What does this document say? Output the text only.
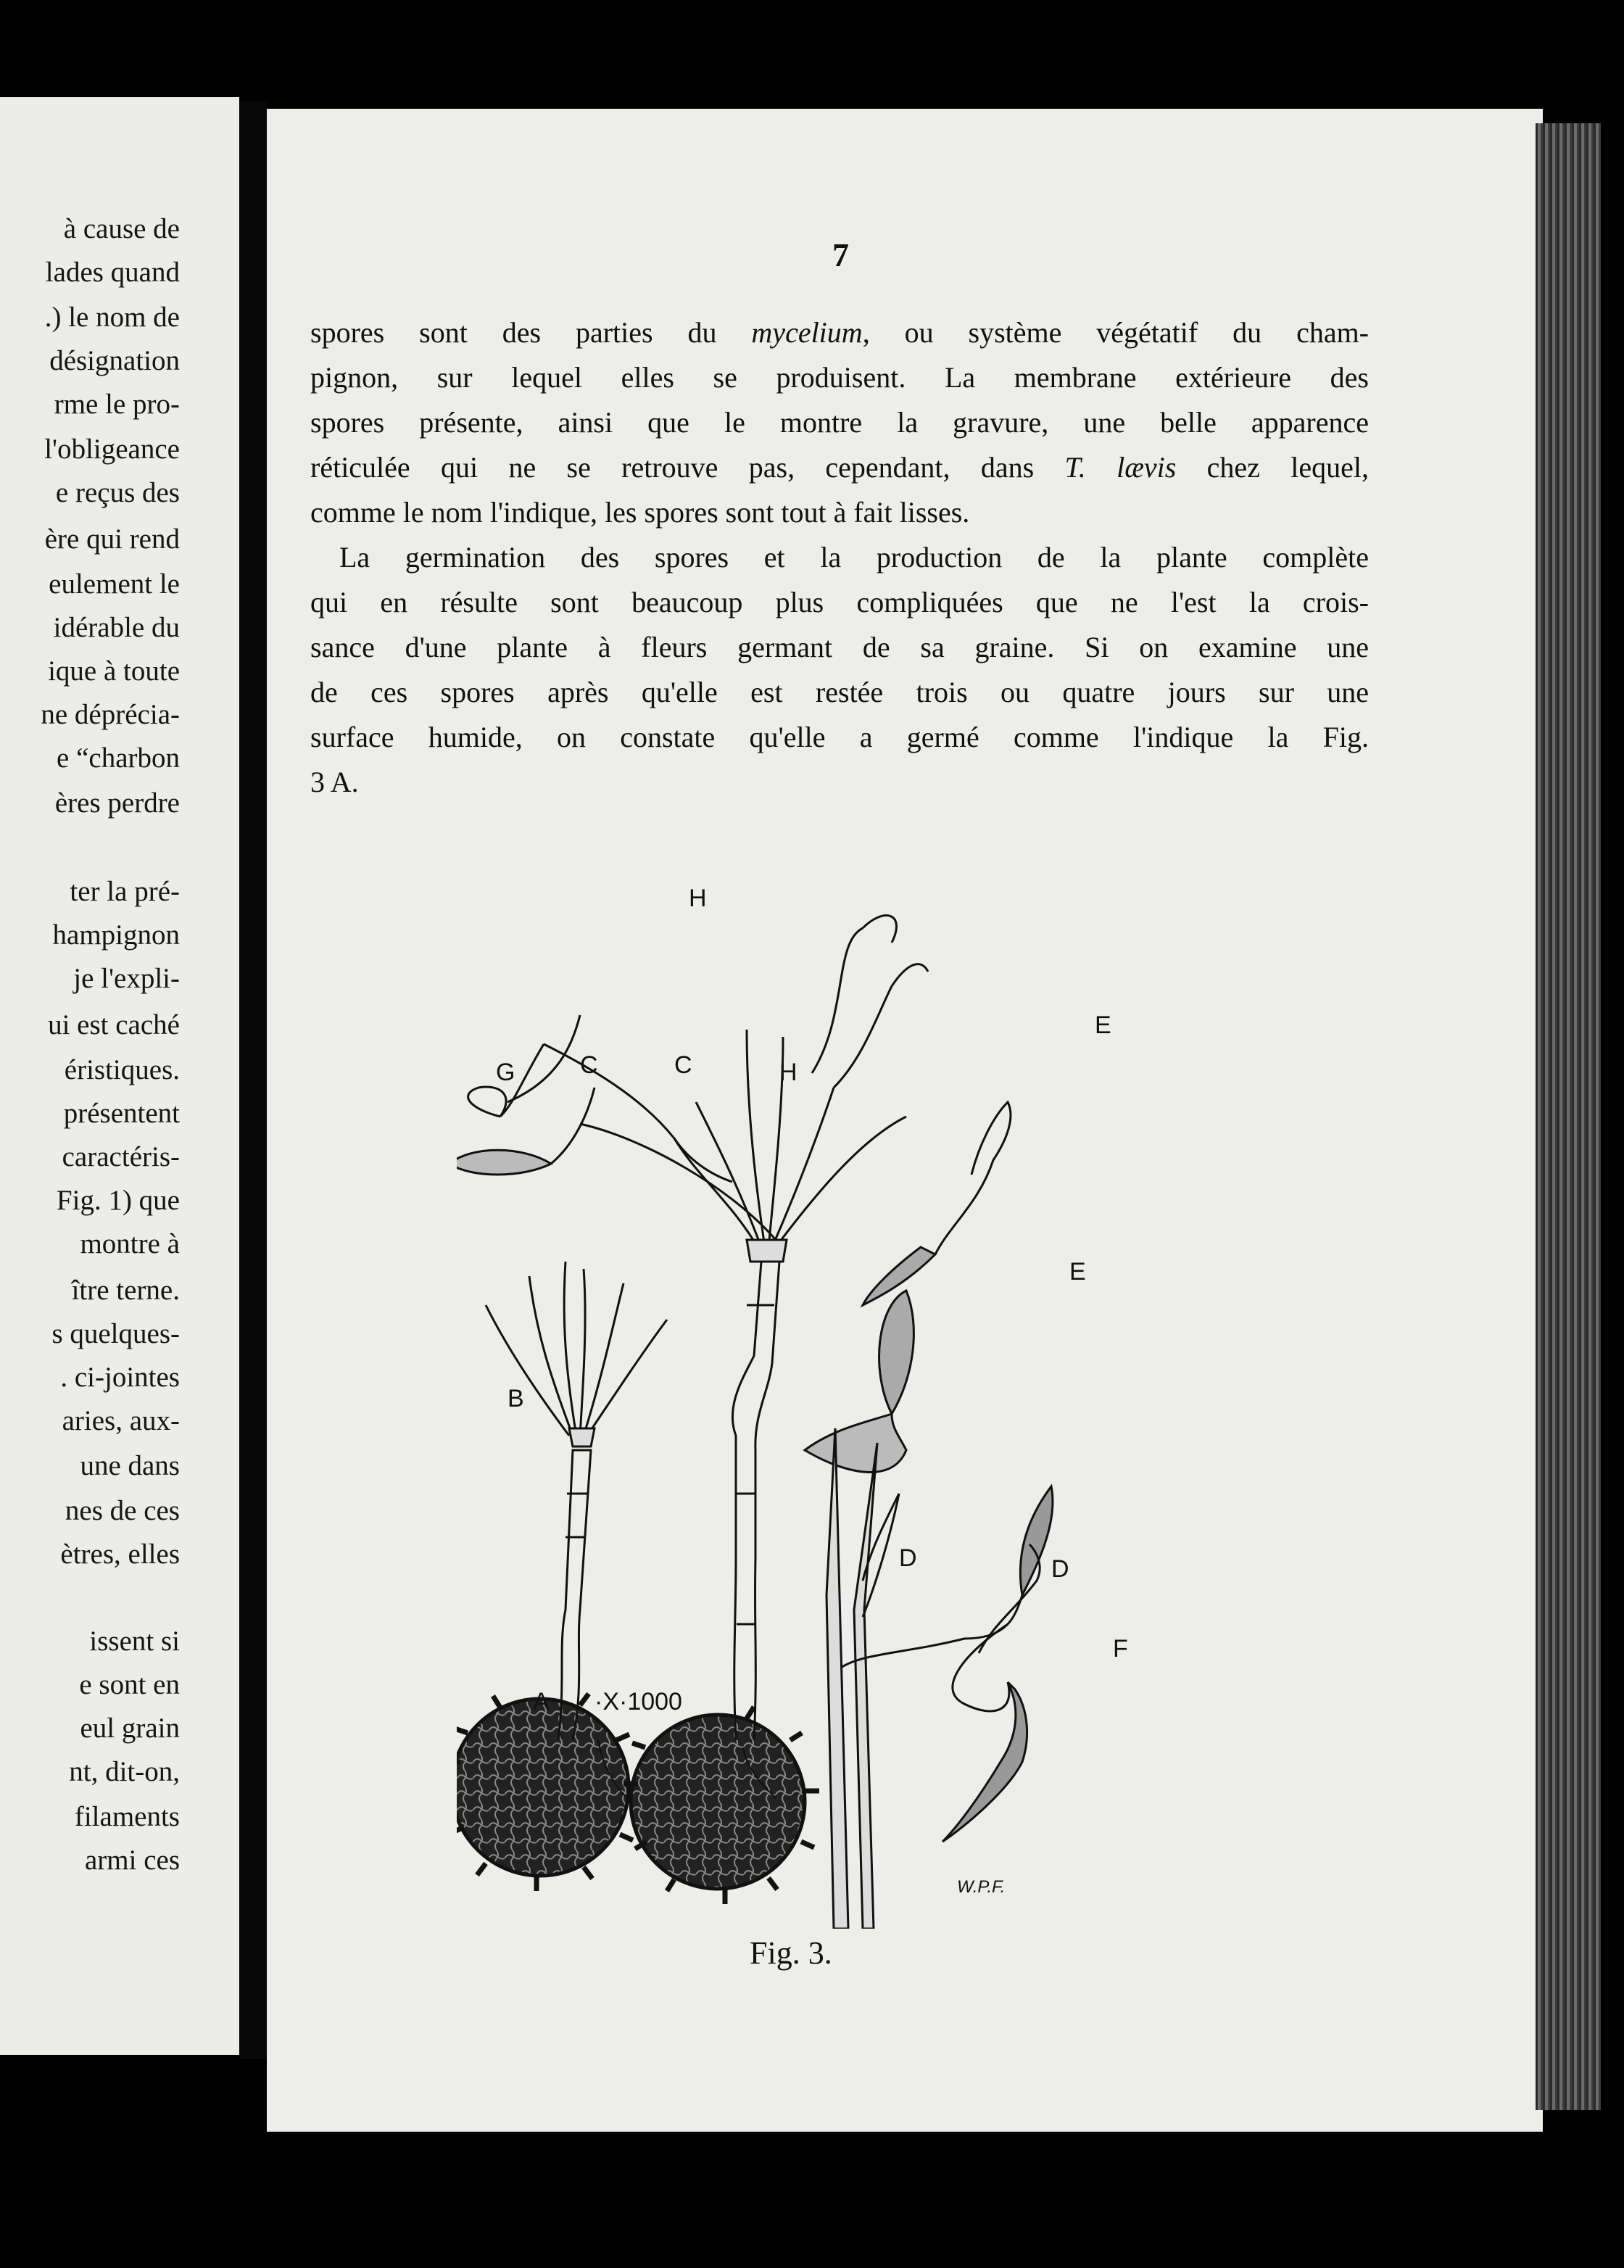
à cause de
lades quand
.) le nom de
désignation
rme le pro-
l'obligeance
e reçus des
ère qui rend
eulement le
idérable du
ique à toute
ne déprécia-
e “charbon
ères perdre
ter la pré-
hampignon
je l'expli-
ui est caché
éristiques.
présentent
caractéris-
Fig. 1) que
montre à
ître terne.
s quelques-
. ci-jointes
aries, aux-
une dans
nes de ces
ètres, elles
issent si
e sont en
eul grain
nt, dit-on,
filaments
armi ces
7
spores sont des parties du mycelium, ou système végétatif du cham-
pignon, sur lequel elles se produisent. La membrane extérieure des
spores présente, ainsi que le montre la gravure, une belle apparence
réticulée qui ne se retrouve pas, cependant, dans T. lævis chez lequel,
comme le nom l'indique, les spores sont tout à fait lisses.
La germination des spores et la production de la plante complète
qui en résulte sont beaucoup plus compliquées que ne l'est la crois-
sance d'une plante à fleurs germant de sa graine. Si on examine une
de ces spores après qu'elle est restée trois ou quatre jours sur une
surface humide, on constate qu'elle a germé comme l'indique la Fig.
3 A.
A ·X·1000
B
C
C
D	D
E
E
F
G
H
H
W.P.F.
Fig. 3.
